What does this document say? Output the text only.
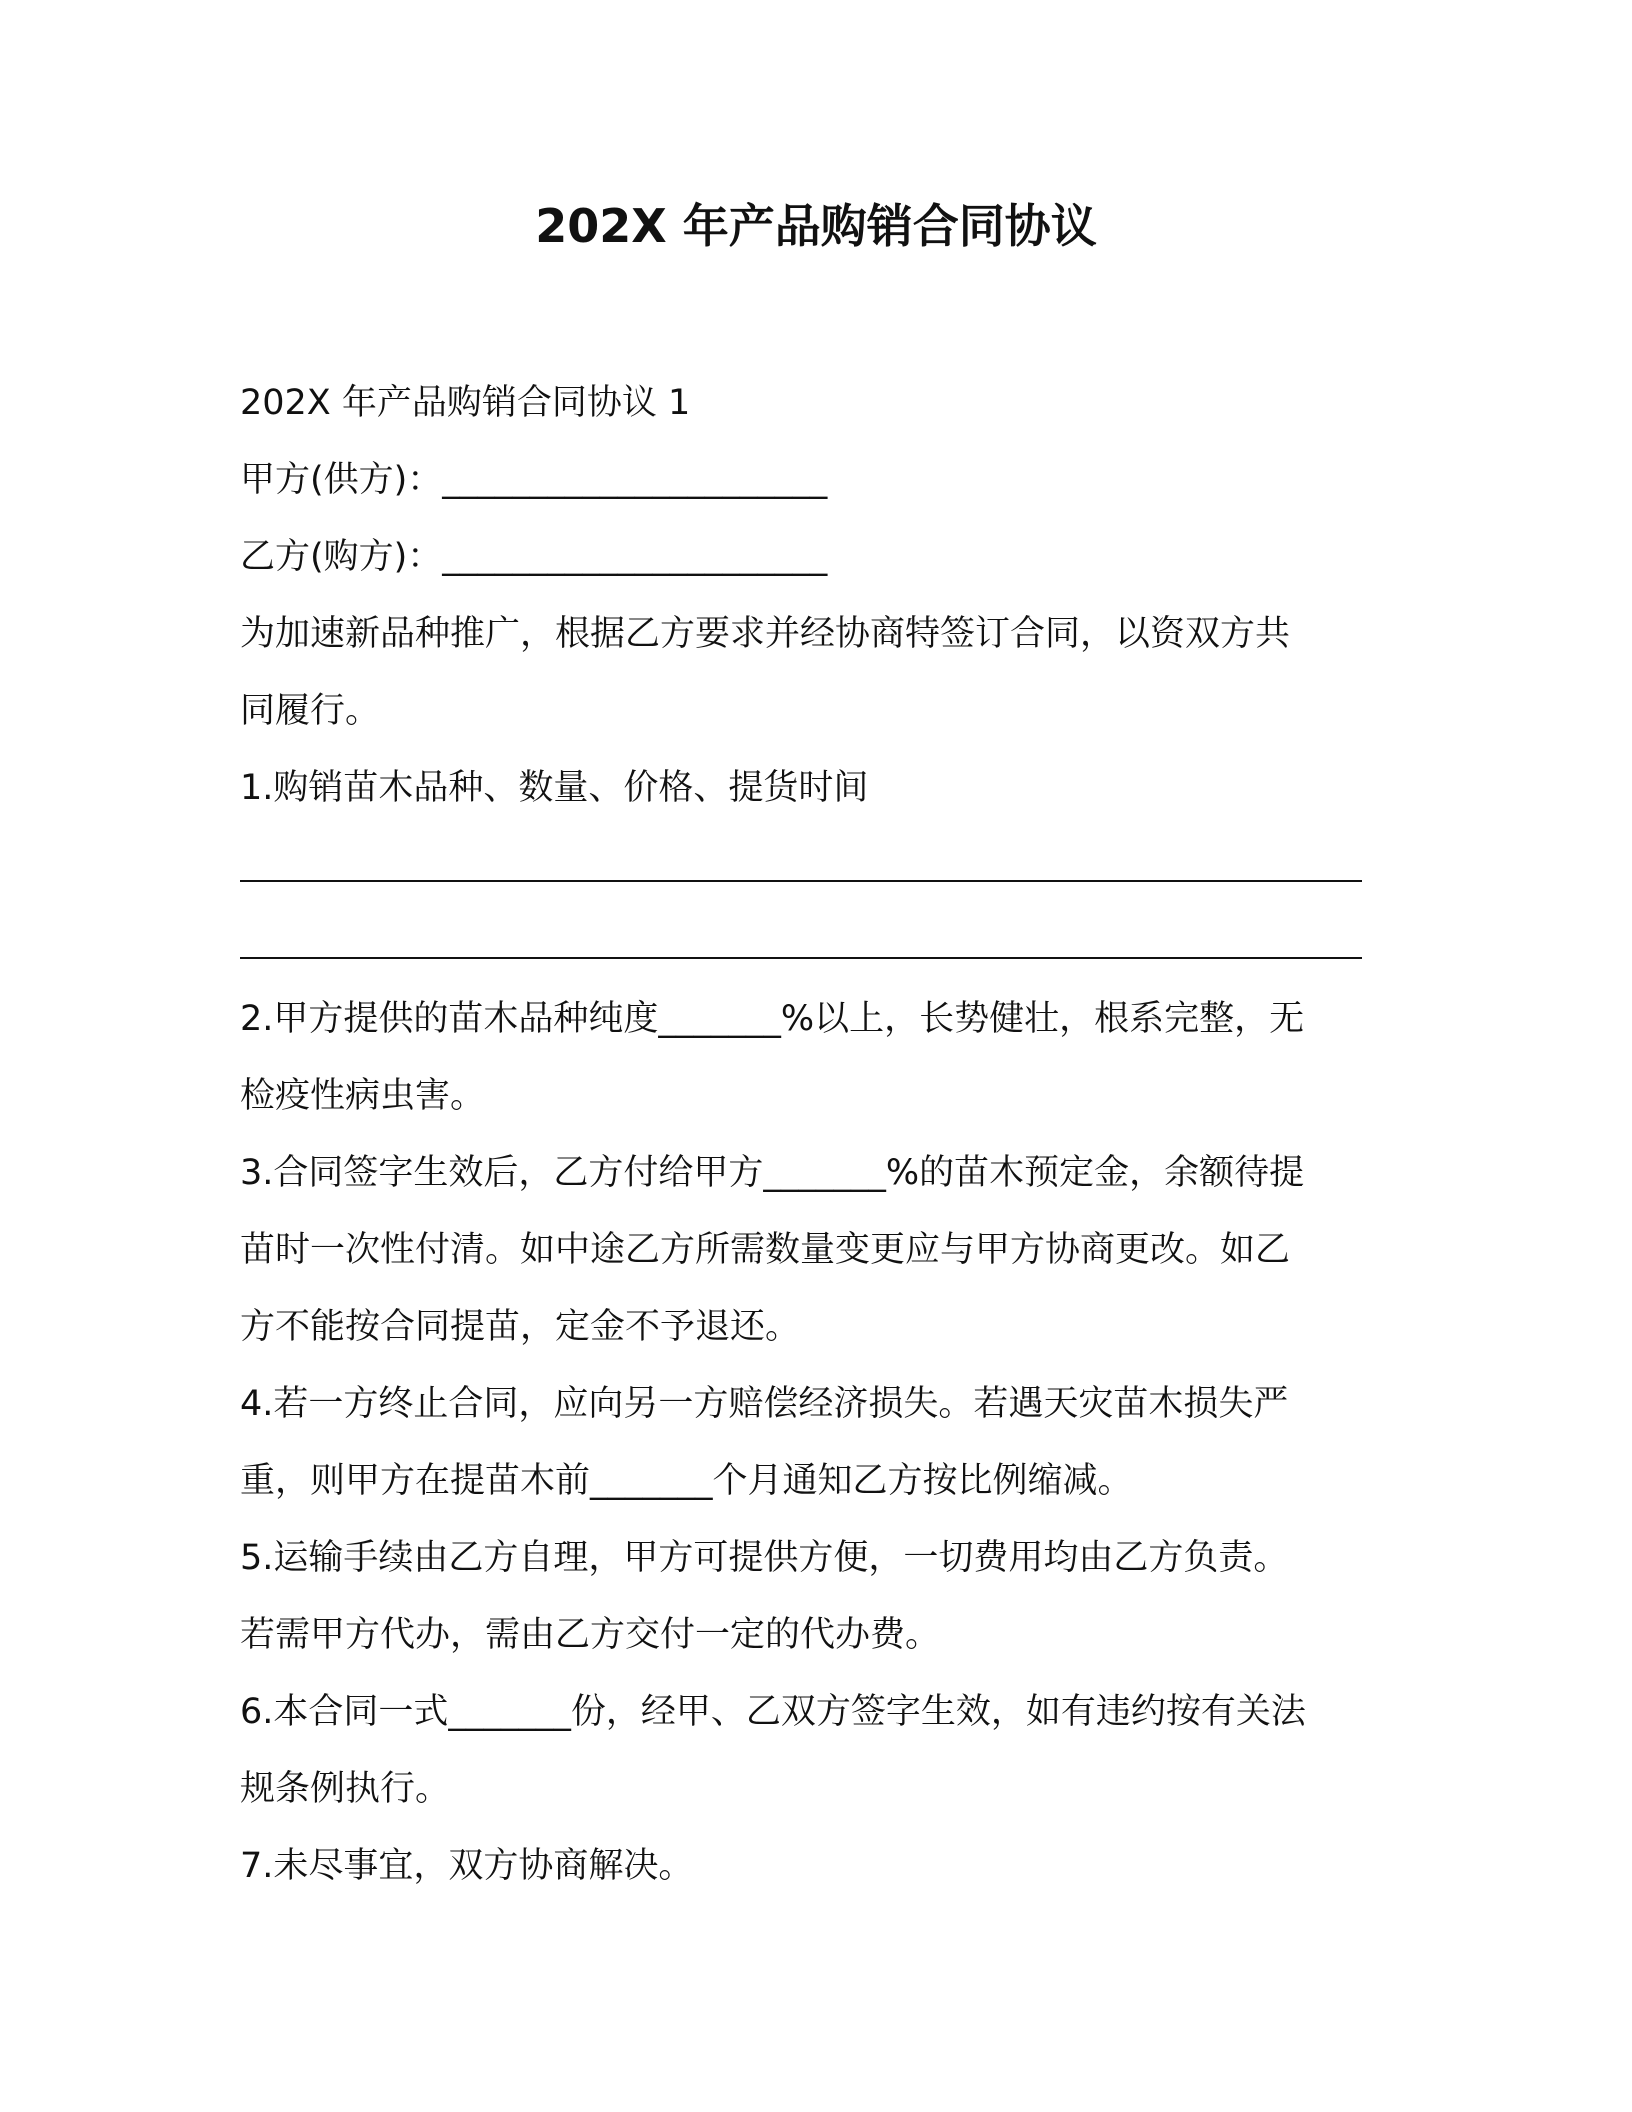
202X 年产品购销合同协议
202X 年产品购销合同协议 1
甲方(供方)：______________________
乙方(购方)：______________________
为加速新品种推广，根据乙方要求并经协商特签订合同，以资双方共
同履行。
1.购销苗木品种、数量、价格、提货时间
2.甲方提供的苗木品种纯度_______%以上，长势健壮，根系完整，无
检疫性病虫害。
3.合同签字生效后，乙方付给甲方_______%的苗木预定金，余额待提
苗时一次性付清。如中途乙方所需数量变更应与甲方协商更改。如乙
方不能按合同提苗，定金不予退还。
4.若一方终止合同，应向另一方赔偿经济损失。若遇天灾苗木损失严
重，则甲方在提苗木前_______个月通知乙方按比例缩减。
5.运输手续由乙方自理，甲方可提供方便，一切费用均由乙方负责。
若需甲方代办，需由乙方交付一定的代办费。
6.本合同一式_______份，经甲、乙双方签字生效，如有违约按有关法
规条例执行。
7.未尽事宜，双方协商解决。
